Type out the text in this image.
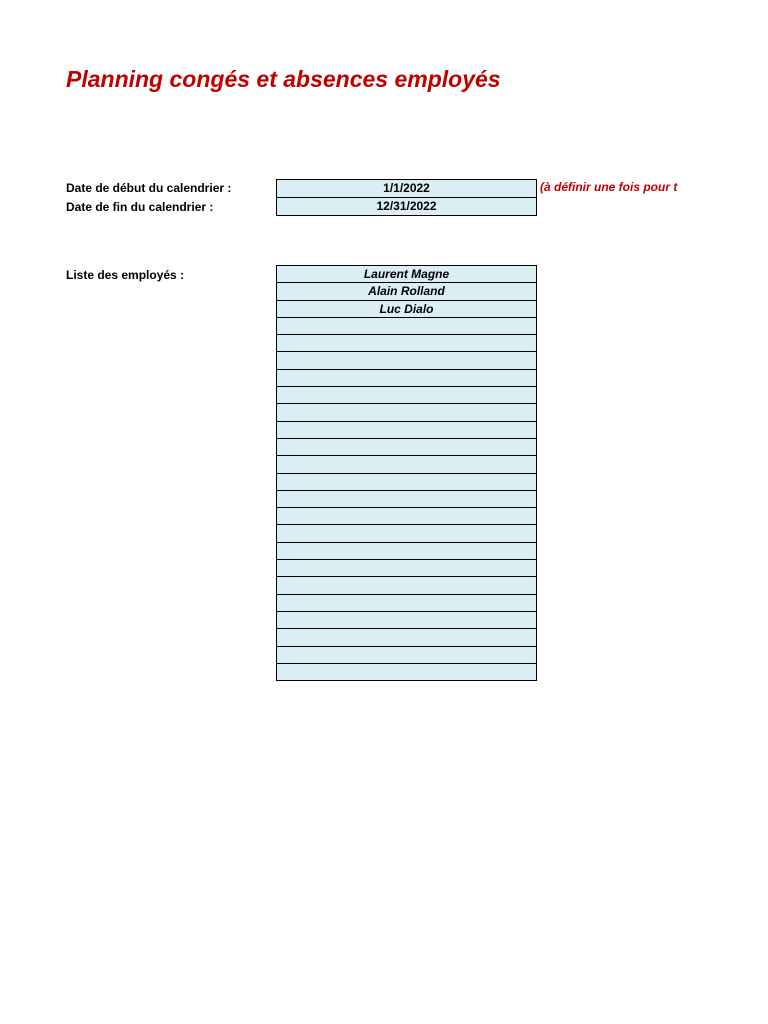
Planning congés et absences employés
Date de début du calendrier :	1/1/2022	(à définir une fois pour t
Date de fin du calendrier :	12/31/2022
Liste des employés :	Laurent Magne
Alain Rolland
Luc Dialo
